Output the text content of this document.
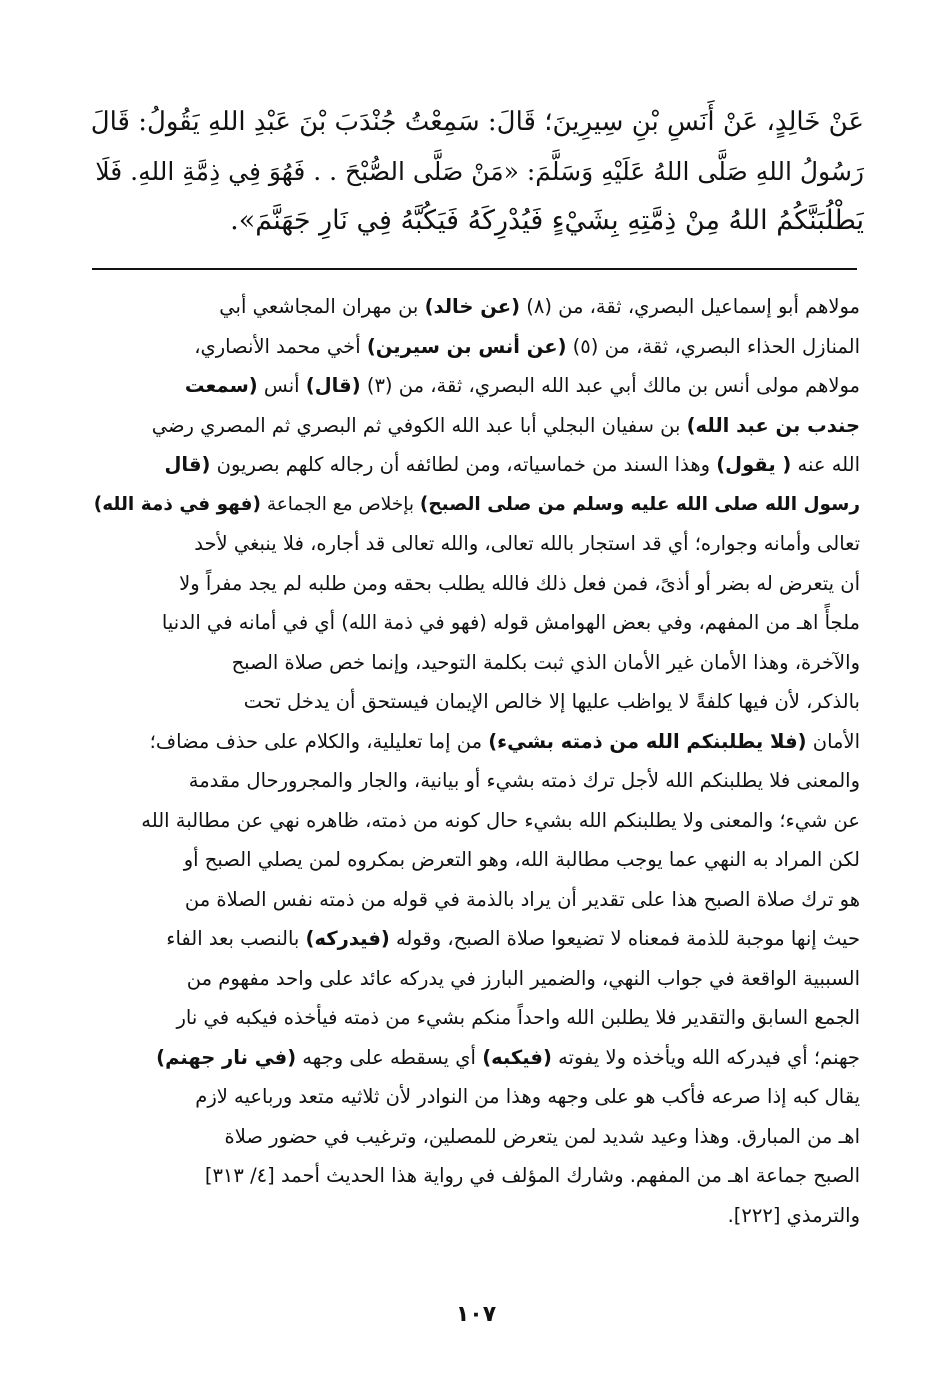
عَنْ خَالِدٍ، عَنْ أَنَسِ بْنِ سِيرِينَ؛ قَالَ: سَمِعْتُ جُنْدَبَ بْنَ عَبْدِ اللهِ يَقُولُ: قَالَ
رَسُولُ اللهِ صَلَّى اللهُ عَلَيْهِ وَسَلَّمَ: «مَنْ صَلَّى الصُّبْحَ . . فَهُوَ فِي ذِمَّةِ اللهِ. فَلَا
يَطْلُبَنَّكُمُ اللهُ مِنْ ذِمَّتِهِ بِشَيْءٍ فَيُدْرِكَهُ فَيَكُبَّهُ فِي نَارِ جَهَنَّمَ».
مولاهم أبو إسماعيل البصري، ثقة، من (٨) (عن خالد) بن مهران المجاشعي أبي
المنازل الحذاء البصري، ثقة، من (٥) (عن أنس بن سيرين) أخي محمد الأنصاري،
مولاهم مولى أنس بن مالك أبي عبد الله البصري، ثقة، من (٣) (قال) أنس (سمعت
جندب بن عبد الله) بن سفيان البجلي أبا عبد الله الكوفي ثم البصري ثم المصري رضي
الله عنه ( يقول) وهذا السند من خماسياته، ومن لطائفه أن رجاله كلهم بصريون (قال
رسول الله صلى الله عليه وسلم من صلى الصبح) بإخلاص مع الجماعة (فهو في ذمة الله)
تعالى وأمانه وجواره؛ أي قد استجار بالله تعالى، والله تعالى قد أجاره، فلا ينبغي لأحد
أن يتعرض له بضر أو أذىً، فمن فعل ذلك فالله يطلب بحقه ومن طلبه لم يجد مفراً ولا
ملجأً اهـ من المفهم، وفي بعض الهوامش قوله (فهو في ذمة الله) أي في أمانه في الدنيا
والآخرة، وهذا الأمان غير الأمان الذي ثبت بكلمة التوحيد، وإنما خص صلاة الصبح
بالذكر، لأن فيها كلفةً لا يواظب عليها إلا خالص الإيمان فيستحق أن يدخل تحت
الأمان (فلا يطلبنكم الله من ذمته بشيء) من إما تعليلية، والكلام على حذف مضاف؛
والمعنى فلا يطلبنكم الله لأجل ترك ذمته بشيء أو بيانية، والجار والمجرورحال مقدمة
عن شيء؛ والمعنى ولا يطلبنكم الله بشيء حال كونه من ذمته، ظاهره نهي عن مطالبة الله
لكن المراد به النهي عما يوجب مطالبة الله، وهو التعرض بمكروه لمن يصلي الصبح أو
هو ترك صلاة الصبح هذا على تقدير أن يراد بالذمة في قوله من ذمته نفس الصلاة من
حيث إنها موجبة للذمة فمعناه لا تضيعوا صلاة الصبح، وقوله (فيدركه) بالنصب بعد الفاء
السببية الواقعة في جواب النهي، والضمير البارز في يدركه عائد على واحد مفهوم من
الجمع السابق والتقدير فلا يطلبن الله واحداً منكم بشيء من ذمته فيأخذه فيكبه في نار
جهنم؛ أي فيدركه الله ويأخذه ولا يفوته (فيكبه) أي يسقطه على وجهه (في نار جهنم)
يقال كبه إذا صرعه فأكب هو على وجهه وهذا من النوادر لأن ثلاثيه متعد ورباعيه لازم
اهـ من المبارق. وهذا وعيد شديد لمن يتعرض للمصلين، وترغيب في حضور صلاة
الصبح جماعة اهـ من المفهم. وشارك المؤلف في رواية هذا الحديث أحمد [٤/ ٣١٣]
والترمذي [٢٢٢].
١٠٧
